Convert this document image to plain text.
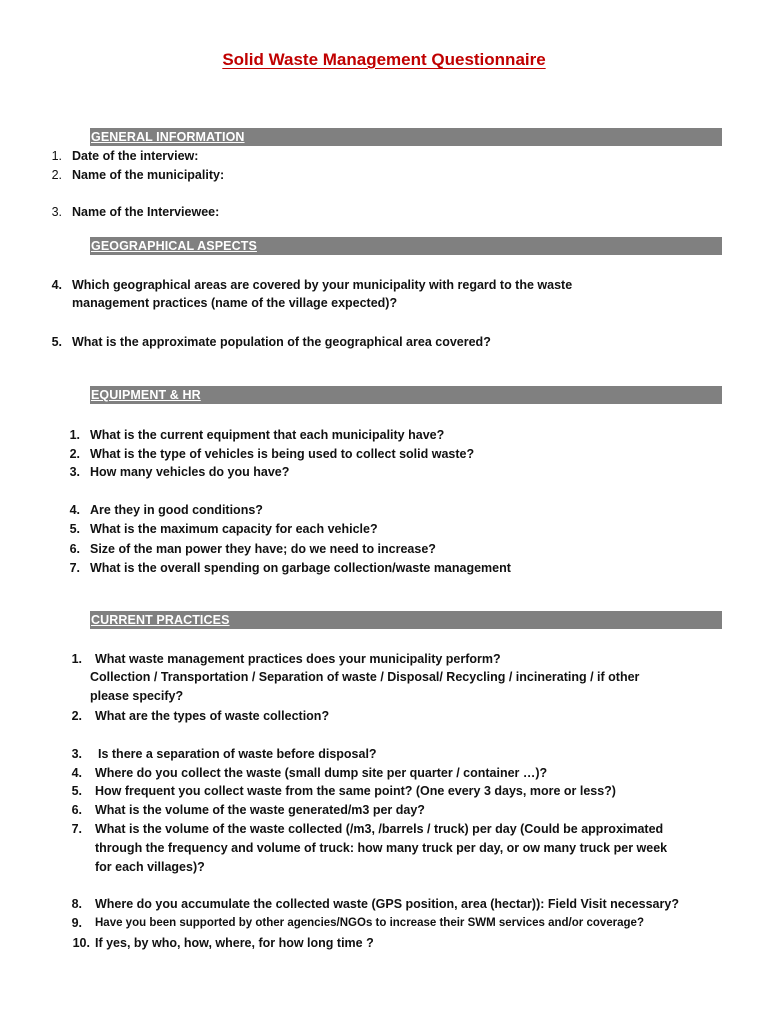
Solid Waste Management Questionnaire
GENERAL INFORMATION
1. Date of the interview:
2. Name of the municipality:
3. Name of the Interviewee:
GEOGRAPHICAL ASPECTS
4. Which geographical areas are covered by your municipality with regard to the waste
management practices (name of the village expected)?
5. What is the approximate population of the geographical area covered?
EQUIPMENT & HR
1. What is the current equipment that each municipality have?
2. What is the type of vehicles is being used to collect solid waste?
3. How many vehicles do you have?
4. Are they in good conditions?
5. What is the maximum capacity for each vehicle?
6. Size of the man power they have; do we need to increase?
7. What is the overall spending on garbage collection/waste management
CURRENT PRACTICES
1. What waste management practices does your municipality perform?
Collection / Transportation / Separation of waste / Disposal/ Recycling / incinerating / if other
please specify?
2. What are the types of waste collection?
3. Is there a separation of waste before disposal?
4. Where do you collect the waste (small dump site per quarter / container …)?
5. How frequent you collect waste from the same point? (One every 3 days, more or less?)
6. What is the volume of the waste generated/m3 per day?
7. What is the volume of the waste collected (/m3, /barrels / truck) per day (Could be approximated
through the frequency and volume of truck: how many truck per day, or ow many truck per week
for each villages)?
8. Where do you accumulate the collected waste (GPS position, area (hectar)): Field Visit necessary?
9. Have you been supported by other agencies/NGOs to increase their SWM services and/or coverage?
10. If yes, by who, how, where, for how long time ?
